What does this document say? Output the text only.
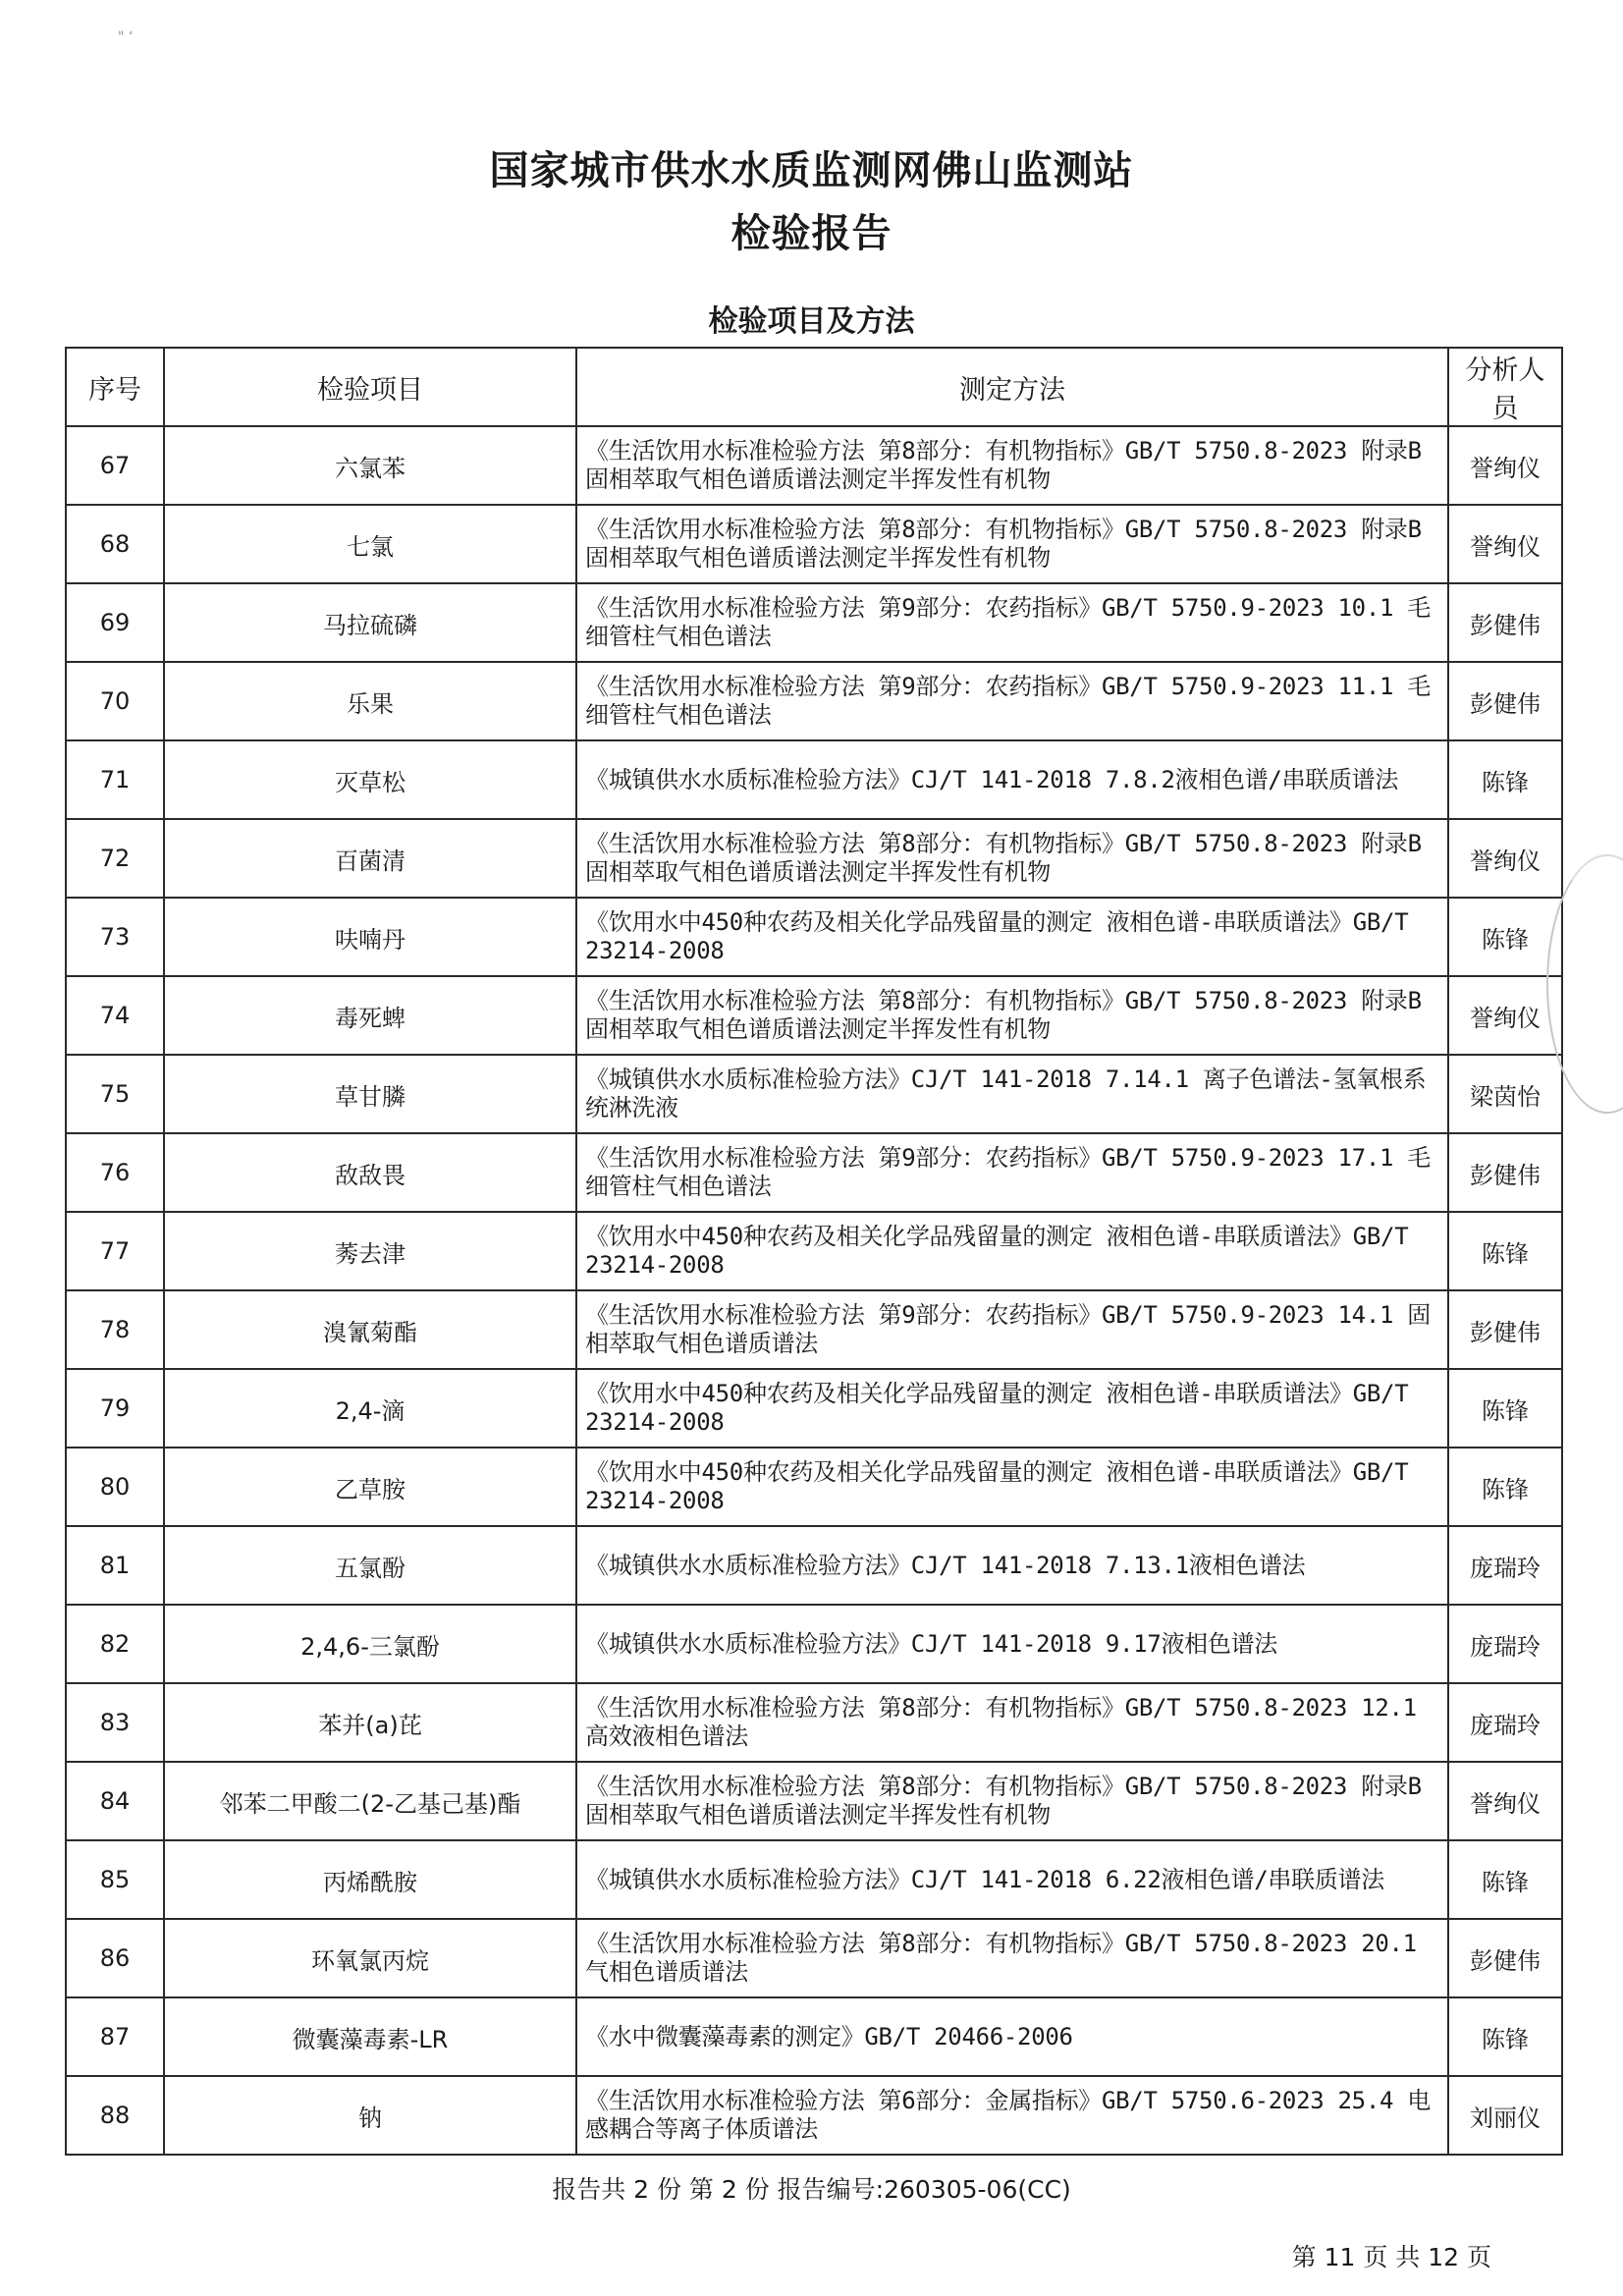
" ‘
国家城市供水水质监测网佛山监测站
检验报告
检验项目及方法
序号	检验项目	测定方法	分析人员
67	六氯苯	《生活饮用水标准检验方法 第8部分：有机物指标》GB/T 5750.8-2023 附录B 固相萃取气相色谱质谱法测定半挥发性有机物	誉绚仪
68	七氯	《生活饮用水标准检验方法 第8部分：有机物指标》GB/T 5750.8-2023 附录B 固相萃取气相色谱质谱法测定半挥发性有机物	誉绚仪
69	马拉硫磷	《生活饮用水标准检验方法 第9部分：农药指标》GB/T 5750.9-2023 10.1 毛细管柱气相色谱法	彭健伟
70	乐果	《生活饮用水标准检验方法 第9部分：农药指标》GB/T 5750.9-2023 11.1 毛细管柱气相色谱法	彭健伟
71	灭草松	《城镇供水水质标准检验方法》CJ/T 141-2018 7.8.2液相色谱/串联质谱法	陈锋
72	百菌清	《生活饮用水标准检验方法 第8部分：有机物指标》GB/T 5750.8-2023 附录B 固相萃取气相色谱质谱法测定半挥发性有机物	誉绚仪
73	呋喃丹	《饮用水中450种农药及相关化学品残留量的测定 液相色谱-串联质谱法》GB/T 23214-2008	陈锋
74	毒死蜱	《生活饮用水标准检验方法 第8部分：有机物指标》GB/T 5750.8-2023 附录B 固相萃取气相色谱质谱法测定半挥发性有机物	誉绚仪
75	草甘膦	《城镇供水水质标准检验方法》CJ/T 141-2018 7.14.1 离子色谱法-氢氧根系统淋洗液	梁茵怡
76	敌敌畏	《生活饮用水标准检验方法 第9部分：农药指标》GB/T 5750.9-2023 17.1 毛细管柱气相色谱法	彭健伟
77	莠去津	《饮用水中450种农药及相关化学品残留量的测定 液相色谱-串联质谱法》GB/T 23214-2008	陈锋
78	溴氰菊酯	《生活饮用水标准检验方法 第9部分：农药指标》GB/T 5750.9-2023 14.1 固相萃取气相色谱质谱法	彭健伟
79	2,4-滴	《饮用水中450种农药及相关化学品残留量的测定 液相色谱-串联质谱法》GB/T 23214-2008	陈锋
80	乙草胺	《饮用水中450种农药及相关化学品残留量的测定 液相色谱-串联质谱法》GB/T 23214-2008	陈锋
81	五氯酚	《城镇供水水质标准检验方法》CJ/T 141-2018 7.13.1液相色谱法	庞瑞玲
82	2,4,6-三氯酚	《城镇供水水质标准检验方法》CJ/T 141-2018 9.17液相色谱法	庞瑞玲
83	苯并(a)芘	《生活饮用水标准检验方法 第8部分：有机物指标》GB/T 5750.8-2023 12.1 高效液相色谱法	庞瑞玲
84	邻苯二甲酸二(2-乙基己基)酯	《生活饮用水标准检验方法 第8部分：有机物指标》GB/T 5750.8-2023 附录B 固相萃取气相色谱质谱法测定半挥发性有机物	誉绚仪
85	丙烯酰胺	《城镇供水水质标准检验方法》CJ/T 141-2018 6.22液相色谱/串联质谱法	陈锋
86	环氧氯丙烷	《生活饮用水标准检验方法 第8部分：有机物指标》GB/T 5750.8-2023 20.1 气相色谱质谱法	彭健伟
87	微囊藻毒素-LR	《水中微囊藻毒素的测定》GB/T 20466-2006	陈锋
88	钠	《生活饮用水标准检验方法 第6部分：金属指标》GB/T 5750.6-2023 25.4 电感耦合等离子体质谱法	刘丽仪
报告共 2 份 第 2 份 报告编号:260305-06(CC)
第 11 页 共 12 页
